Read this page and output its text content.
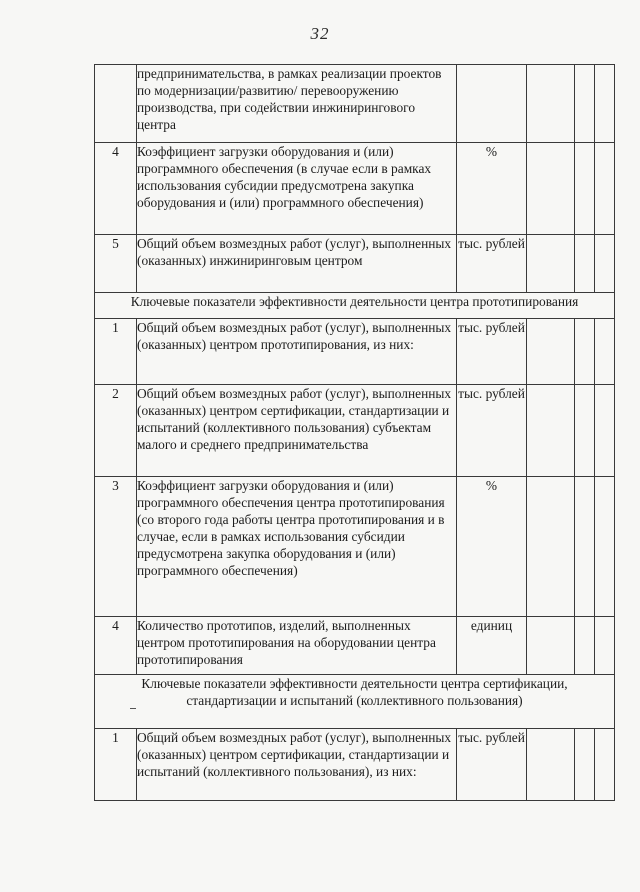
32
	предпринимательства, в рамках реализации проектов по модернизации/развитию/ перевооружению производства, при содействии инжинирингового центра				
4	Коэффициент загрузки оборудования и (или) программного обеспечения (в случае если в рамках использования субсидии предусмотрена закупка оборудования и (или) программного обеспечения)	%			
5	Общий объем возмездных работ (услуг), выполненных (оказанных) инжиниринговым центром	тыс. рублей			
Ключевые показатели эффективности деятельности центра прототипирования					
1	Общий объем возмездных работ (услуг), выполненных (оказанных) центром прототипирования, из них:	тыс. рублей			
2	Общий объем возмездных работ (услуг), выполненных (оказанных) центром сертификации, стандартизации и испытаний (коллективного пользования) субъектам малого и среднего предпринимательства	тыс. рублей			
3	Коэффициент загрузки оборудования и (или) программного обеспечения центра прототипирования (со второго года работы центра прототипирования и в случае, если в рамках использования субсидии предусмотрена закупка оборудования и (или) программного обеспечения)	%			
4	Количество прототипов, изделий, выполненных центром прототипирования на оборудовании центра прототипирования	единиц			
Ключевые показатели эффективности деятельности центра сертификации, стандартизации и испытаний (коллективного пользования)					
1	Общий объем возмездных работ (услуг), выполненных (оказанных) центром сертификации, стандартизации и испытаний (коллективного пользования), из них:	тыс. рублей			
